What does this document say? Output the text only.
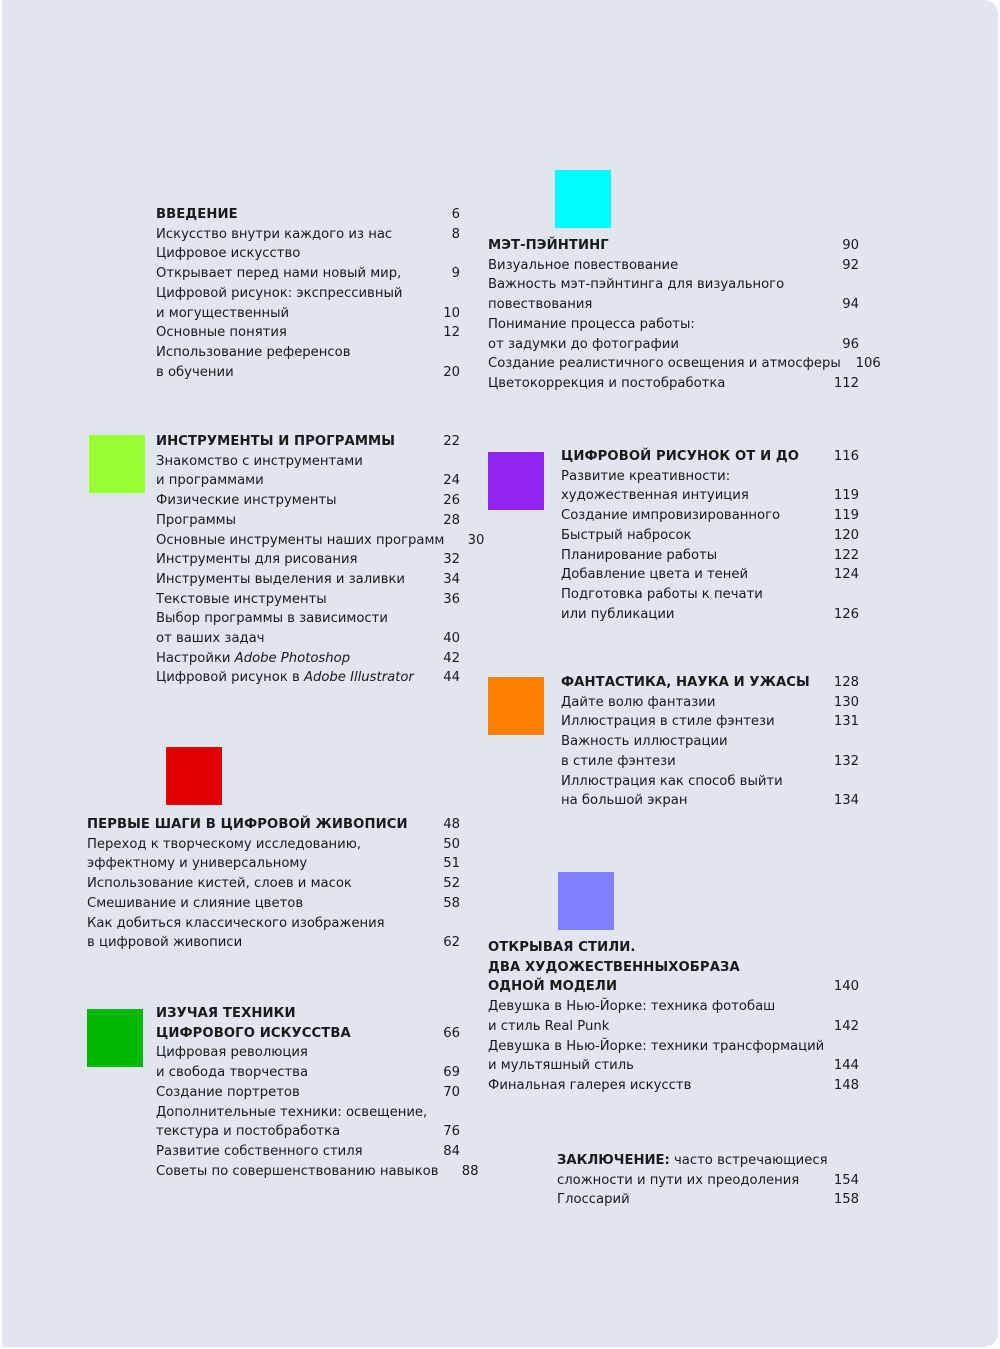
ВВЕДЕНИЕ	6
Искусство внутри каждого из нас	8
Цифровое искусство
Открывает перед нами новый мир,	9
Цифровой рисунок: экспрессивный
и могущественный	10
Основные понятия	12
Использование референсов
в обучении	20
ИНСТРУМЕНТЫ И ПРОГРАММЫ	22
Знакомство с инструментами
и программами	24
Физические инструменты	26
Программы	28
Основные инструменты наших программ	30
Инструменты для рисования	32
Инструменты выделения и заливки	34
Текстовые инструменты	36
Выбор программы в зависимости
от ваших задач	40
Настройки Adobe Photoshop	42
Цифровой рисунок в Adobe Illustrator	44
ПЕРВЫЕ ШАГИ В ЦИФРОВОЙ ЖИВОПИСИ	48
Переход к творческому исследованию,	50
эффектному и универсальному	51
Использование кистей, слоев и масок	52
Смешивание и слияние цветов	58
Как добиться классического изображения
в цифровой живописи	62
ИЗУЧАЯ ТЕХНИКИ
ЦИФРОВОГО ИСКУССТВА	66
Цифровая революция
и свобода творчества	69
Создание портретов	70
Дополнительные техники: освещение,
текстура и постобработка	76
Развитие собственного стиля	84
Советы по совершенствованию навыков	88
МЭТ-ПЭЙНТИНГ	90
Визуальное повествование	92
Важность мэт-пэйнтинга для визуального
повествования	94
Понимание процесса работы:
от задумки до фотографии	96
Создание реалистичного освещения и атмосферы	106
Цветокоррекция и постобработка	112
ЦИФРОВОЙ РИСУНОК ОТ И ДО	116
Развитие креативности:
художественная интуиция	119
Создание импровизированного	119
Быстрый набросок	120
Планирование работы	122
Добавление цвета и теней	124
Подготовка работы к печати
или публикации	126
ФАНТАСТИКА, НАУКА И УЖАСЫ	128
Дайте волю фантазии	130
Иллюстрация в стиле фэнтези	131
Важность иллюстрации
в стиле фэнтези	132
Иллюстрация как способ выйти
на большой экран	134
ОТКРЫВАЯ СТИЛИ.
ДВА ХУДОЖЕСТВЕННЫХОБРАЗА
ОДНОЙ МОДЕЛИ	140
Девушка в Нью-Йорке: техника фотобаш
и стиль Real Punk	142
Девушка в Нью-Йорке: техники трансформаций
и мультяшный стиль	144
Финальная галерея искусств	148
ЗАКЛЮЧЕНИЕ: часто встречающиеся
сложности и пути их преодоления	154
Глоссарий	158
